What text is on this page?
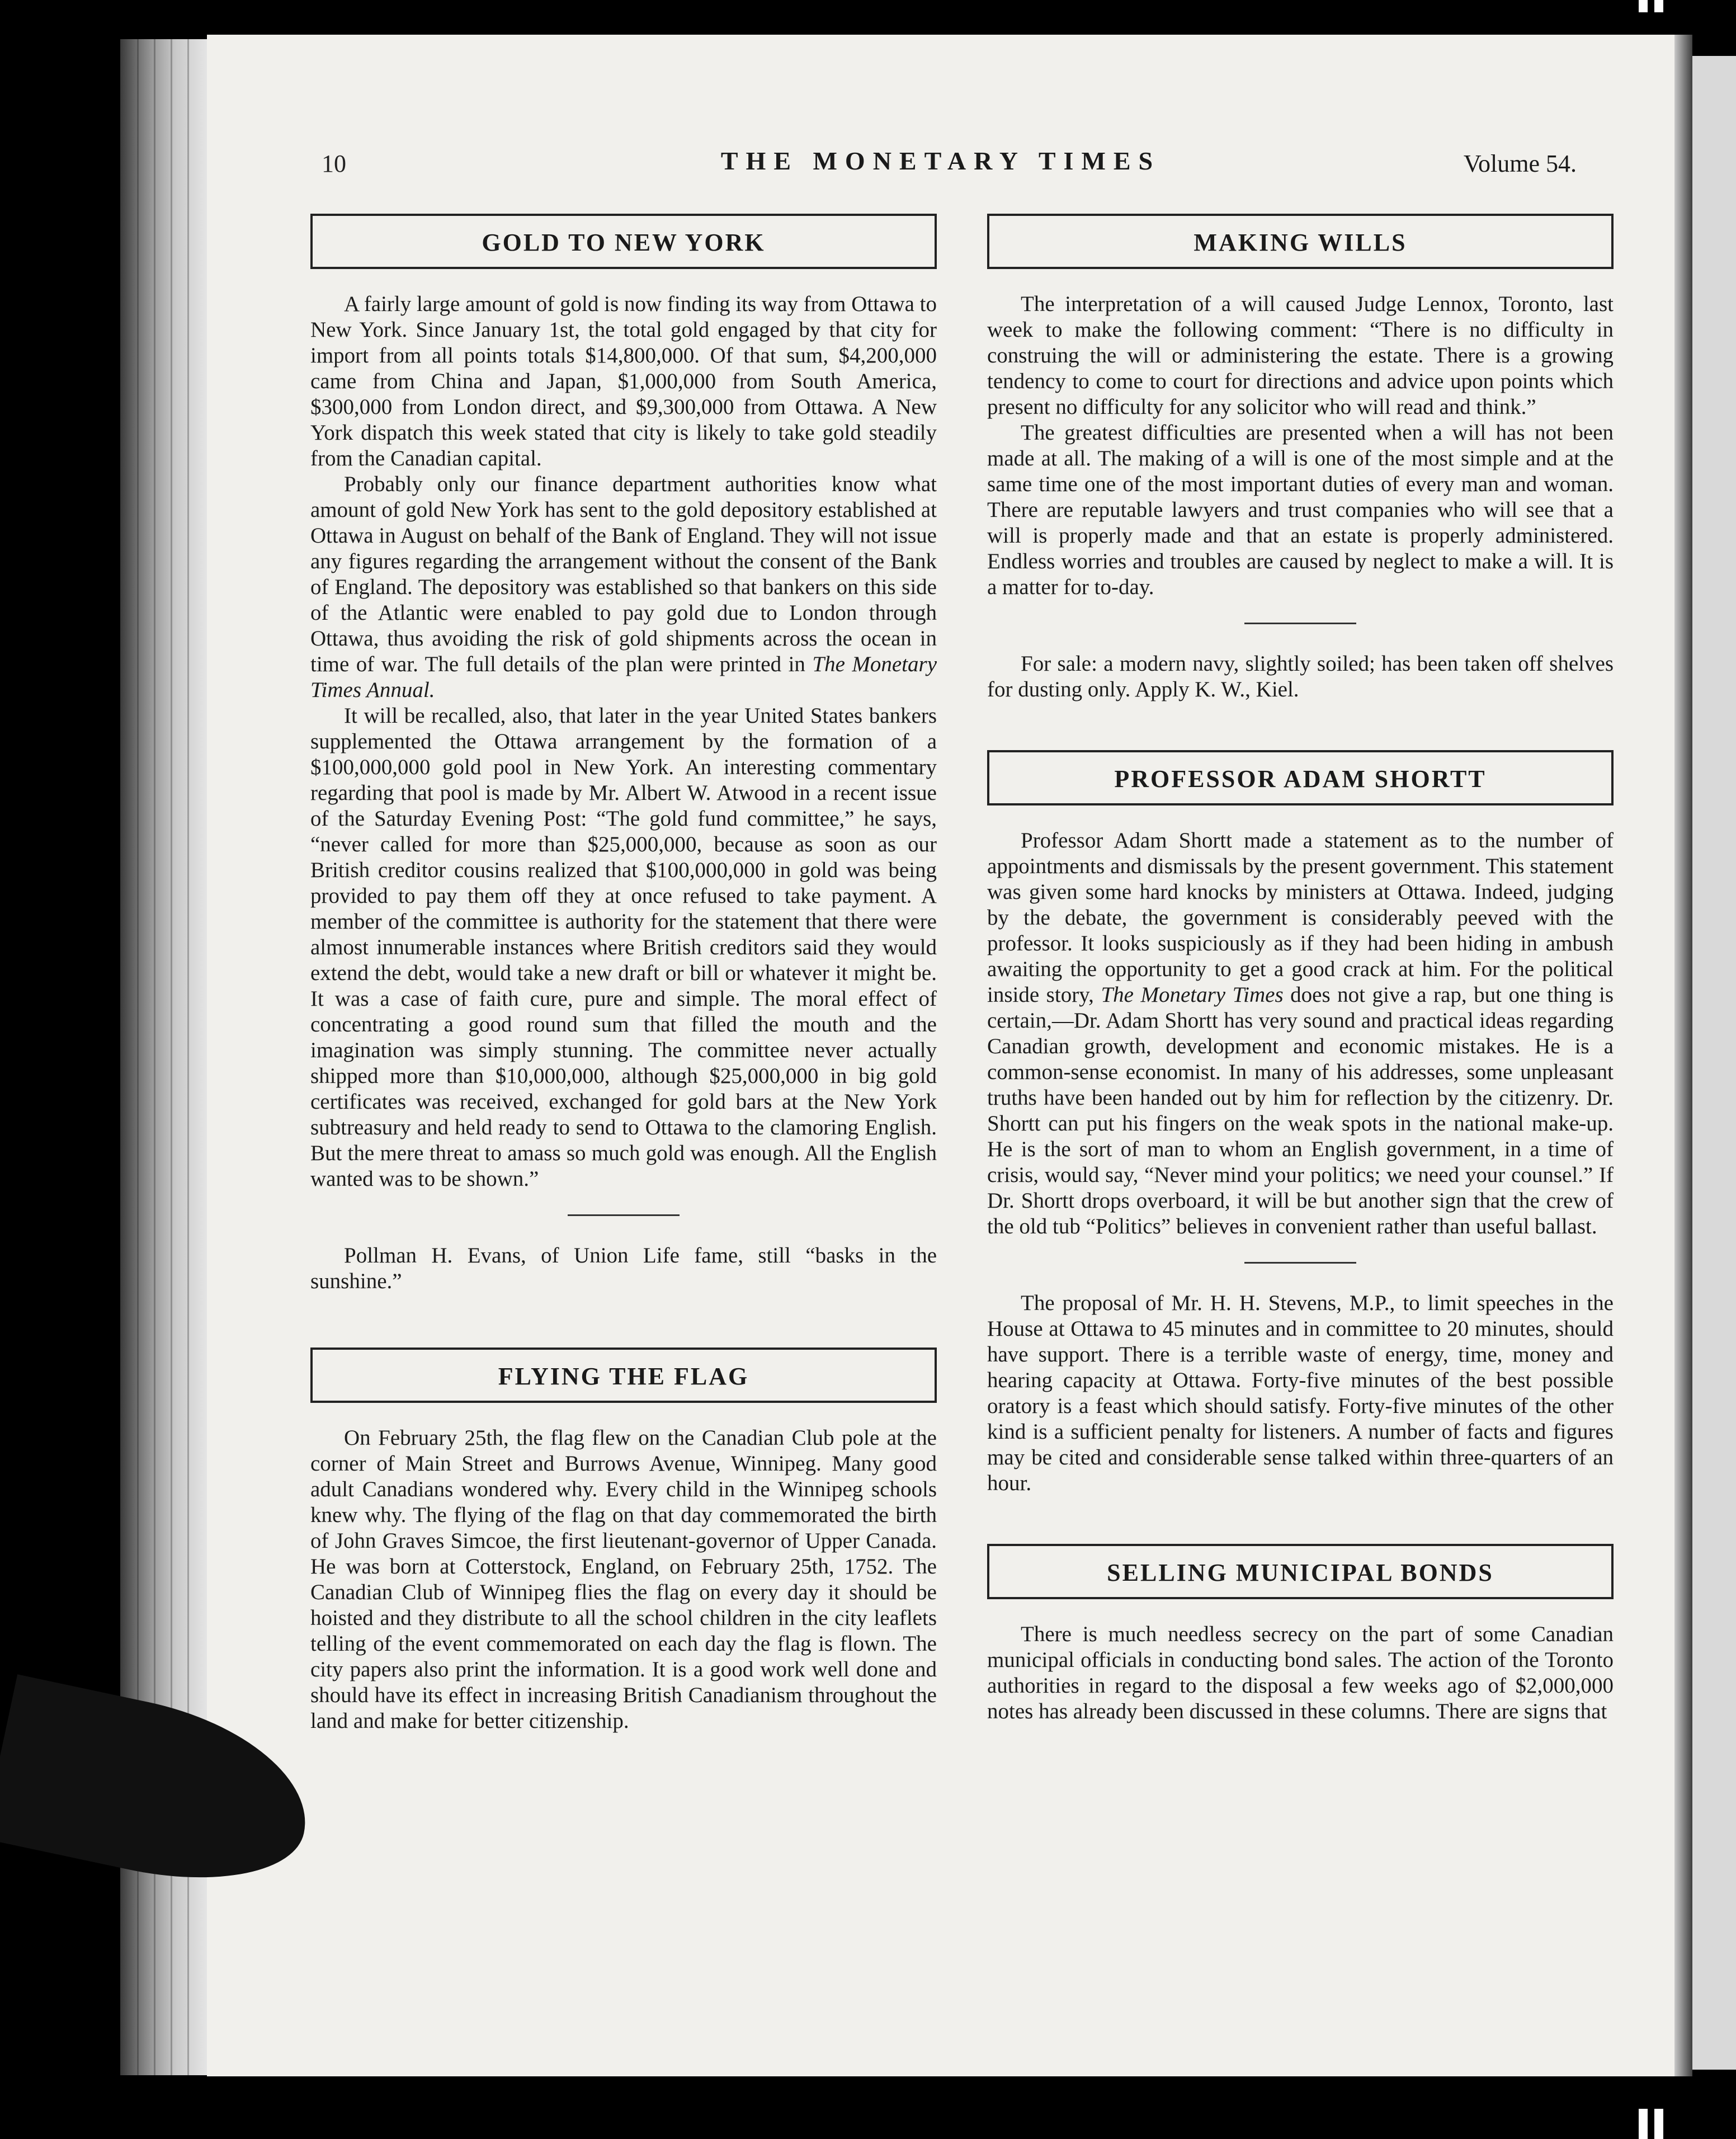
10	THE MONETARY TIMES	Volume 54.
GOLD TO NEW YORK

A fairly large amount of gold is now finding its way from Ottawa to New York. Since January 1st, the total gold engaged by that city for import from all points totals $14,800,000. Of that sum, $4,200,000 came from China and Japan, $1,000,000 from South America, $300,000 from London direct, and $9,300,000 from Ottawa. A New York dispatch this week stated that city is likely to take gold steadily from the Canadian capital.

Probably only our finance department authorities know what amount of gold New York has sent to the gold depository established at Ottawa in August on behalf of the Bank of England. They will not issue any figures regarding the arrangement without the consent of the Bank of England. The depository was established so that bankers on this side of the Atlantic were enabled to pay gold due to London through Ottawa, thus avoiding the risk of gold shipments across the ocean in time of war. The full details of the plan were printed in The Monetary Times Annual.

It will be recalled, also, that later in the year United States bankers supplemented the Ottawa arrangement by the formation of a $100,000,000 gold pool in New York. An interesting commentary regarding that pool is made by Mr. Albert W. Atwood in a recent issue of the Saturday Evening Post: “The gold fund committee,” he says, “never called for more than $25,000,000, because as soon as our British creditor cousins realized that $100,000,000 in gold was being provided to pay them off they at once refused to take payment. A member of the committee is authority for the statement that there were almost innumerable instances where British creditors said they would extend the debt, would take a new draft or bill or whatever it might be. It was a case of faith cure, pure and simple. The moral effect of concentrating a good round sum that filled the mouth and the imagination was simply stunning. The committee never actually shipped more than $10,000,000, although $25,000,000 in big gold certificates was received, exchanged for gold bars at the New York subtreasury and held ready to send to Ottawa to the clamoring English. But the mere threat to amass so much gold was enough. All the English wanted was to be shown.”

Pollman H. Evans, of Union Life fame, still “basks in the sunshine.”

FLYING THE FLAG

On February 25th, the flag flew on the Canadian Club pole at the corner of Main Street and Burrows Avenue, Winnipeg. Many good adult Canadians wondered why. Every child in the Winnipeg schools knew why. The flying of the flag on that day commemorated the birth of John Graves Simcoe, the first lieutenant-governor of Upper Canada. He was born at Cotterstock, England, on February 25th, 1752. The Canadian Club of Winnipeg flies the flag on every day it should be hoisted and they distribute to all the school children in the city leaflets telling of the event commemorated on each day the flag is flown. The city papers also print the information. It is a good work well done and should have its effect in increasing British Canadianism throughout the land and make for better citizenship.

MAKING WILLS

The interpretation of a will caused Judge Lennox, Toronto, last week to make the following comment: “There is no difficulty in construing the will or administering the estate. There is a growing tendency to come to court for directions and advice upon points which present no difficulty for any solicitor who will read and think.”

The greatest difficulties are presented when a will has not been made at all. The making of a will is one of the most simple and at the same time one of the most important duties of every man and woman. There are reputable lawyers and trust companies who will see that a will is properly made and that an estate is properly administered. Endless worries and troubles are caused by neglect to make a will. It is a matter for to-day.

For sale: a modern navy, slightly soiled; has been taken off shelves for dusting only. Apply K. W., Kiel.

PROFESSOR ADAM SHORTT

Professor Adam Shortt made a statement as to the number of appointments and dismissals by the present government. This statement was given some hard knocks by ministers at Ottawa. Indeed, judging by the debate, the government is considerably peeved with the professor. It looks suspiciously as if they had been hiding in ambush awaiting the opportunity to get a good crack at him. For the political inside story, The Monetary Times does not give a rap, but one thing is certain,—Dr. Adam Shortt has very sound and practical ideas regarding Canadian growth, development and economic mistakes. He is a common-sense economist. In many of his addresses, some unpleasant truths have been handed out by him for reflection by the citizenry. Dr. Shortt can put his fingers on the weak spots in the national make-up. He is the sort of man to whom an English government, in a time of crisis, would say, “Never mind your politics; we need your counsel.” If Dr. Shortt drops overboard, it will be but another sign that the crew of the old tub “Politics” believes in convenient rather than useful ballast.

The proposal of Mr. H. H. Stevens, M.P., to limit speeches in the House at Ottawa to 45 minutes and in committee to 20 minutes, should have support. There is a terrible waste of energy, time, money and hearing capacity at Ottawa. Forty-five minutes of the best possible oratory is a feast which should satisfy. Forty-five minutes of the other kind is a sufficient penalty for listeners. A number of facts and figures may be cited and considerable sense talked within three-quarters of an hour.

SELLING MUNICIPAL BONDS

There is much needless secrecy on the part of some Canadian municipal officials in conducting bond sales. The action of the Toronto authorities in regard to the disposal a few weeks ago of $2,000,000 notes has already been discussed in these columns. There are signs that
